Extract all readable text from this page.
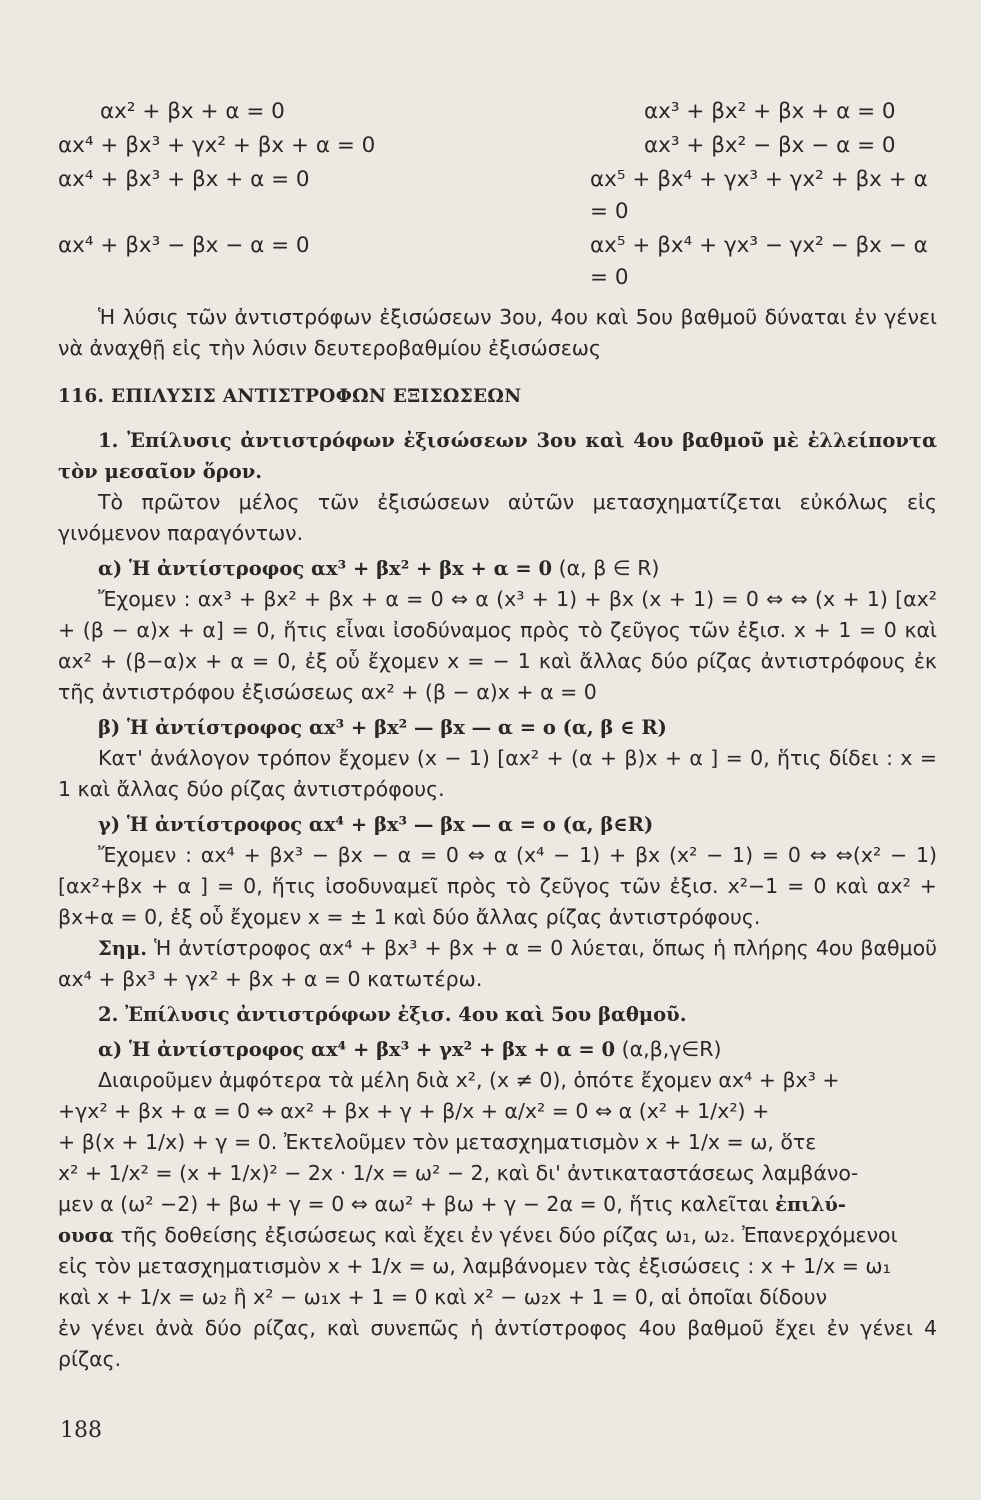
αx² + βx + α = 0	αx³ + βx² + βx + α = 0
αx⁴ + βx³ + γx² + βx + α = 0	αx³ + βx² − βx − α = 0
αx⁴ + βx³ + βx + α = 0	αx⁵ + βx⁴ + γx³ + γx² + βx + α = 0
αx⁴ + βx³ − βx − α = 0	αx⁵ + βx⁴ + γx³ − γx² − βx − α = 0

Ἡ λύσις τῶν ἀντιστρόφων ἐξισώσεων 3ου, 4ου καὶ 5ου βαθμοῦ δύναται ἐν γένει νὰ ἀναχθῇ εἰς τὴν λύσιν δευτεροβαθμίου ἐξισώσεως

116. ΕΠΙΛΥΣΙΣ ΑΝΤΙΣΤΡΟΦΩΝ ΕΞΙΣΩΣΕΩΝ

1. Ἐπίλυσις ἀντιστρόφων ἐξισώσεων 3ου καὶ 4ου βαθμοῦ μὲ ἐλλείποντα τὸν μεσαῖον ὅρον.

Τὸ πρῶτον μέλος τῶν ἐξισώσεων αὐτῶν μετασχηματίζεται εὐκόλως εἰς γινόμενον παραγόντων.

α) Ἡ ἀντίστροφος αx³ + βx² + βx + α = 0 (α, β ∈ R)

Ἔχομεν : αx³ + βx² + βx + α = 0 ⇔ α (x³ + 1) + βx (x + 1) = 0 ⇔ ⇔ (x + 1) [αx² + (β − α)x + α] = 0, ἥτις εἶναι ἰσοδύναμος πρὸς τὸ ζεῦγος τῶν ἐξισ. x + 1 = 0 καὶ αx² + (β−α)x + α = 0, ἐξ οὗ ἔχομεν x = − 1 καὶ ἄλλας δύο ρίζας ἀντιστρόφους ἐκ τῆς ἀντιστρόφου ἐξισώσεως αx² + (β − α)x + α = 0

β) Ἡ ἀντίστροφος αx³ + βx² — βx — α = ο (α, β ∈ R)

Κατ' ἀνάλογον τρόπον ἔχομεν (x − 1) [αx² + (α + β)x + α ] = 0, ἥτις δίδει : x = 1 καὶ ἄλλας δύο ρίζας ἀντιστρόφους.

γ) Ἡ ἀντίστροφος αx⁴ + βx³ — βx — α = ο (α, β∈R)

Ἔχομεν : αx⁴ + βx³ − βx − α = 0 ⇔ α (x⁴ − 1) + βx (x² − 1) = 0 ⇔ ⇔(x² − 1) [αx²+βx + α ] = 0, ἥτις ἰσοδυναμεῖ πρὸς τὸ ζεῦγος τῶν ἐξισ. x²−1 = 0 καὶ αx² + βx+α = 0, ἐξ οὗ ἔχομεν x = ± 1 καὶ δύο ἄλλας ρίζας ἀντιστρόφους.

Σημ. Ἡ ἀντίστροφος αx⁴ + βx³ + βx + α = 0 λύεται, ὅπως ἡ πλήρης 4ου βαθμοῦ αx⁴ + βx³ + γx² + βx + α = 0 κατωτέρω.

2. Ἐπίλυσις ἀντιστρόφων ἐξισ. 4ου καὶ 5ου βαθμοῦ.

α) Ἡ ἀντίστροφος αx⁴ + βx³ + γx² + βx + α = 0 (α,β,γ∈R)

Διαιροῦμεν ἀμφότερα τὰ μέλη διὰ x², (x ≠ 0), ὁπότε ἔχομεν αx⁴ + βx³ +

+γx² + βx + α = 0 ⇔ αx² + βx + γ + β/x + α/x² = 0 ⇔ α (x² + 1/x²) +

+ β(x + 1/x) + γ = 0. Ἐκτελοῦμεν τὸν μετασχηματισμὸν x + 1/x = ω, ὅτε

x² + 1/x² = (x + 1/x)² − 2x · 1/x = ω² − 2, καὶ δι' ἀντικαταστάσεως λαμβάνο-

μεν α (ω² −2) + βω + γ = 0 ⇔ αω² + βω + γ − 2α = 0, ἥτις καλεῖται ἐπιλύ-

ουσα τῆς δοθείσης ἐξισώσεως καὶ ἔχει ἐν γένει δύο ρίζας ω₁, ω₂. Ἐπανερχόμενοι

εἰς τὸν μετασχηματισμὸν x + 1/x = ω, λαμβάνομεν τὰς ἐξισώσεις : x + 1/x = ω₁

καὶ x + 1/x = ω₂ ἢ x² − ω₁x + 1 = 0 καὶ x² − ω₂x + 1 = 0, αἱ ὁποῖαι δίδουν

ἐν γένει ἀνὰ δύο ρίζας, καὶ συνεπῶς ἡ ἀντίστροφος 4ου βαθμοῦ ἔχει ἐν γένει 4 ρίζας.

188
